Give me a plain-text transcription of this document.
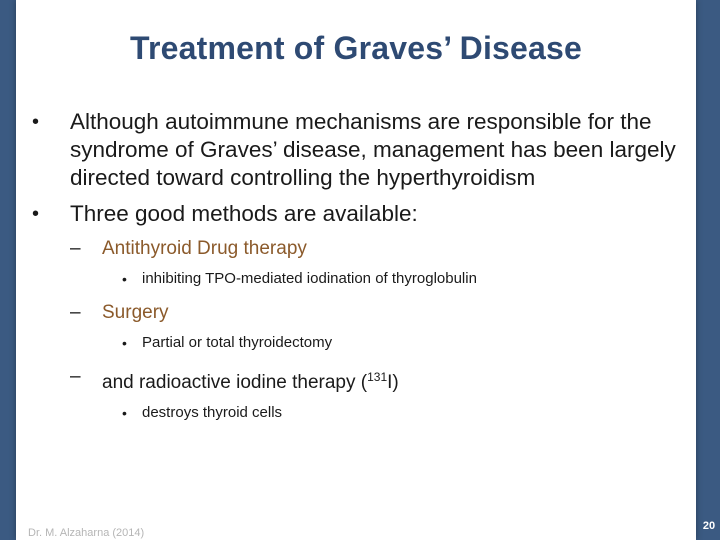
Treatment of Graves’ Disease
• Although autoimmune mechanisms are responsible for the syndrome of Graves’ disease, management has been largely directed toward controlling the hyperthyroidism
• Three good methods are available:
– Antithyroid Drug therapy
• inhibiting TPO-mediated iodination of thyroglobulin
– Surgery
• Partial or total thyroidectomy
– and radioactive iodine therapy ($^{131}$I)
• destroys thyroid cells
Dr. M. Alzaharna (2014)
20
